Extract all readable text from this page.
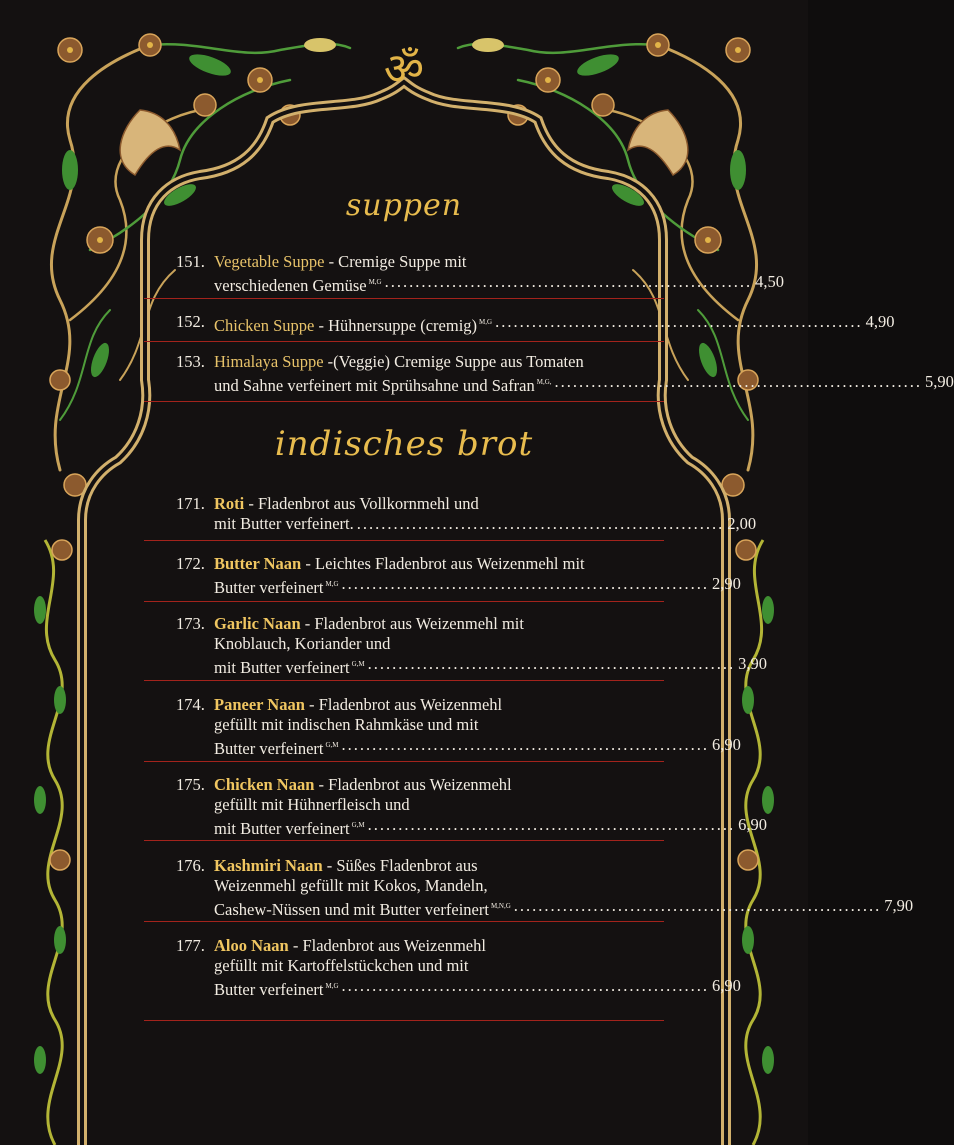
ॐ
suppen
151. Vegetable Suppe - Cremige Suppe mit
verschiedenen Gemüse $^{M,G}$ ............................................................ 4,50
152. Chicken Suppe - Hühnersuppe (cremig) $^{M,G}$ ............................................................ 4,90
153. Himalaya Suppe -(Veggie) Cremige Suppe aus Tomaten
und Sahne verfeinert mit Sprühsahne und Safran $^{M,G,}$ ............................................................ 5,90
indisches brot
171. Roti - Fladenbrot aus Vollkornmehl und
mit Butter verfeinert. ............................................................ 2,00
172. Butter Naan - Leichtes Fladenbrot aus Weizenmehl mit
Butter verfeinert $^{M,G}$ ............................................................ 2,90
173. Garlic Naan - Fladenbrot aus Weizenmehl mit
Knoblauch, Koriander und
mit Butter verfeinert $^{G,M}$ ............................................................ 3,90
174. Paneer Naan - Fladenbrot aus Weizenmehl
gefüllt mit indischen Rahmkäse und mit
Butter verfeinert $^{G,M}$ ............................................................ 6,90
175. Chicken Naan - Fladenbrot aus Weizenmehl
gefüllt mit Hühnerfleisch und
mit Butter verfeinert $^{G,M}$ ............................................................ 6,90
176. Kashmiri Naan - Süßes Fladenbrot aus
Weizenmehl gefüllt mit Kokos, Mandeln,
Cashew-Nüssen und mit Butter verfeinert $^{M,N,G}$ ............................................................ 7,90
177. Aloo Naan - Fladenbrot aus Weizenmehl
gefüllt mit Kartoffelstückchen und mit
Butter verfeinert $^{M,G}$ ............................................................ 6,90
